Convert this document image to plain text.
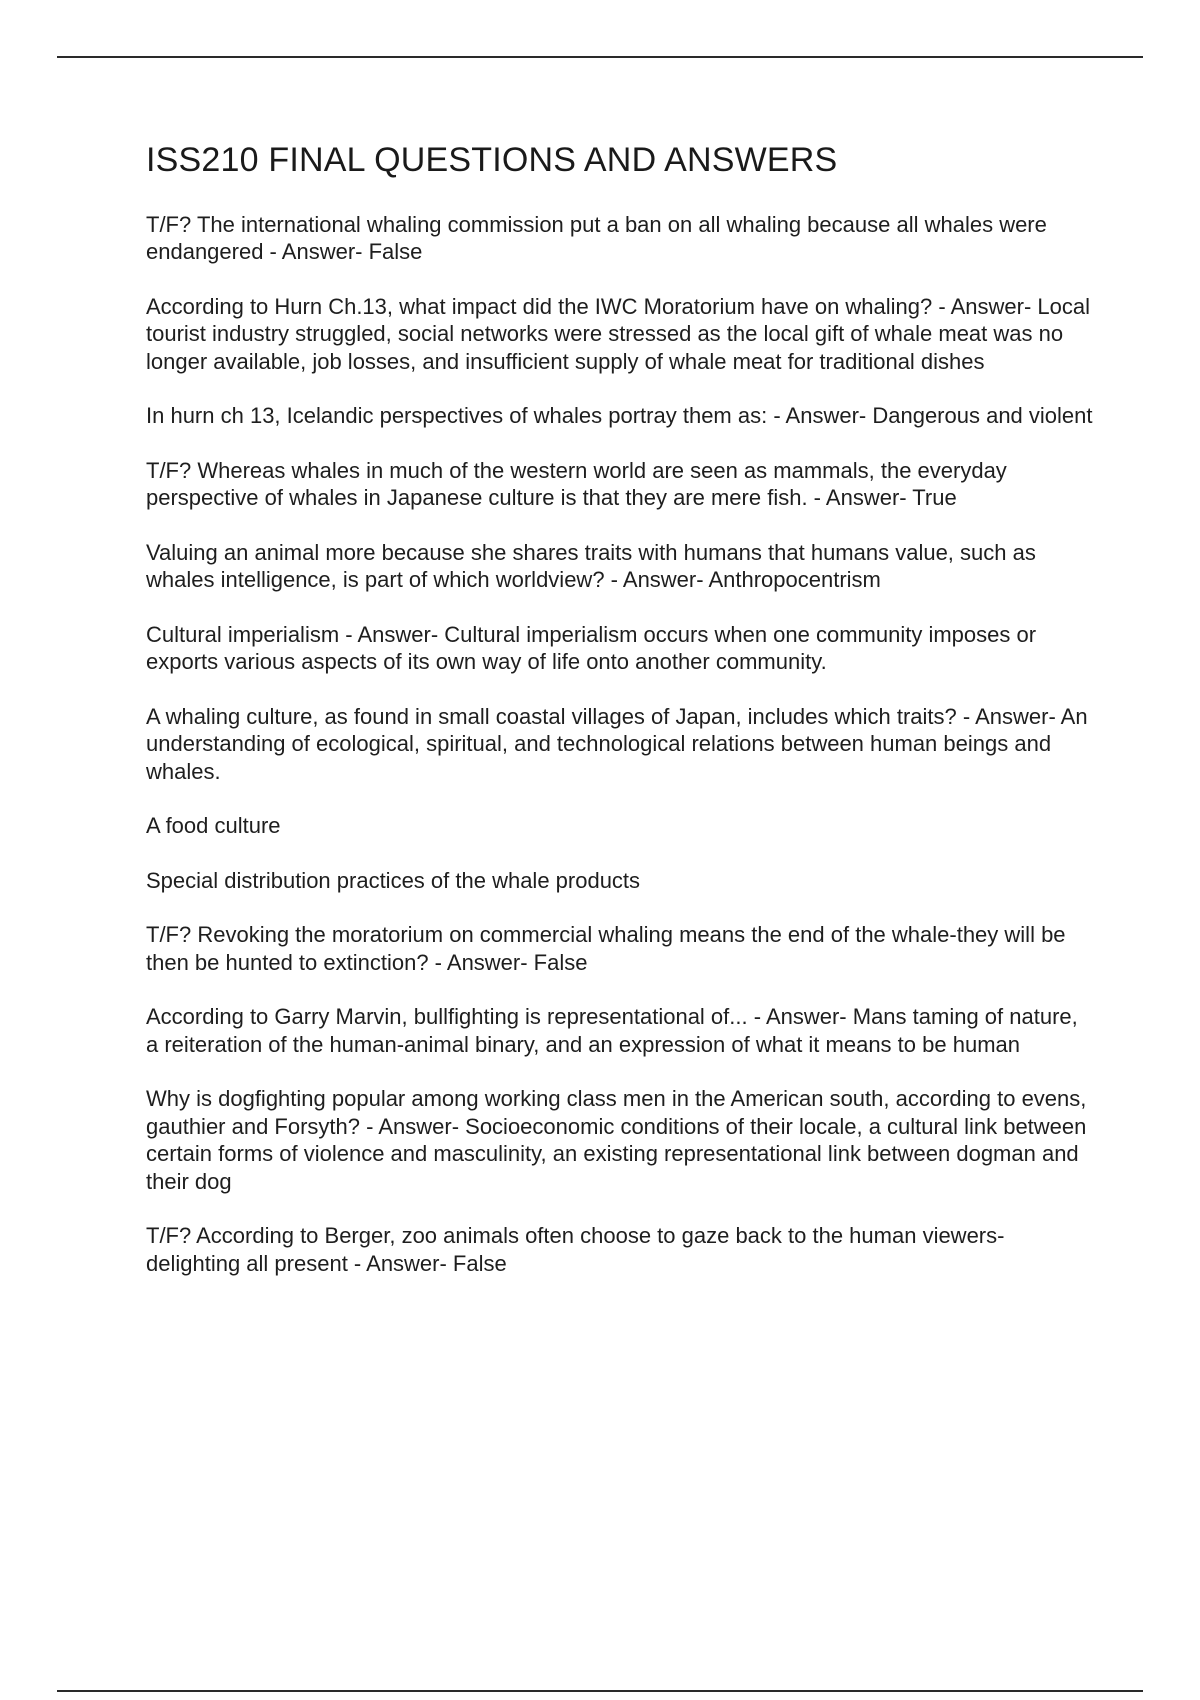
ISS210 FINAL QUESTIONS AND ANSWERS

T/F? The international whaling commission put a ban on all whaling because all whales were endangered - Answer- False

According to Hurn Ch.13, what impact did the IWC Moratorium have on whaling? - Answer- Local tourist industry struggled, social networks were stressed as the local gift of whale meat was no longer available, job losses, and insufficient supply of whale meat for traditional dishes

In hurn ch 13, Icelandic perspectives of whales portray them as: - Answer- Dangerous and violent

T/F? Whereas whales in much of the western world are seen as mammals, the everyday perspective of whales in Japanese culture is that they are mere fish. - Answer- True

Valuing an animal more because she shares traits with humans that humans value, such as whales intelligence, is part of which worldview? - Answer- Anthropocentrism

Cultural imperialism - Answer- Cultural imperialism occurs when one community imposes or exports various aspects of its own way of life onto another community.

A whaling culture, as found in small coastal villages of Japan, includes which traits? - Answer- An understanding of ecological, spiritual, and technological relations between human beings and whales.

A food culture

Special distribution practices of the whale products

T/F? Revoking the moratorium on commercial whaling means the end of the whale-they will be then be hunted to extinction? - Answer- False

According to Garry Marvin, bullfighting is representational of... - Answer- Mans taming of nature, a reiteration of the human-animal binary, and an expression of what it means to be human

Why is dogfighting popular among working class men in the American south, according to evens, gauthier and Forsyth? - Answer- Socioeconomic conditions of their locale, a cultural link between certain forms of violence and masculinity, an existing representational link between dogman and their dog

T/F? According to Berger, zoo animals often choose to gaze back to the human viewers-delighting all present - Answer- False
